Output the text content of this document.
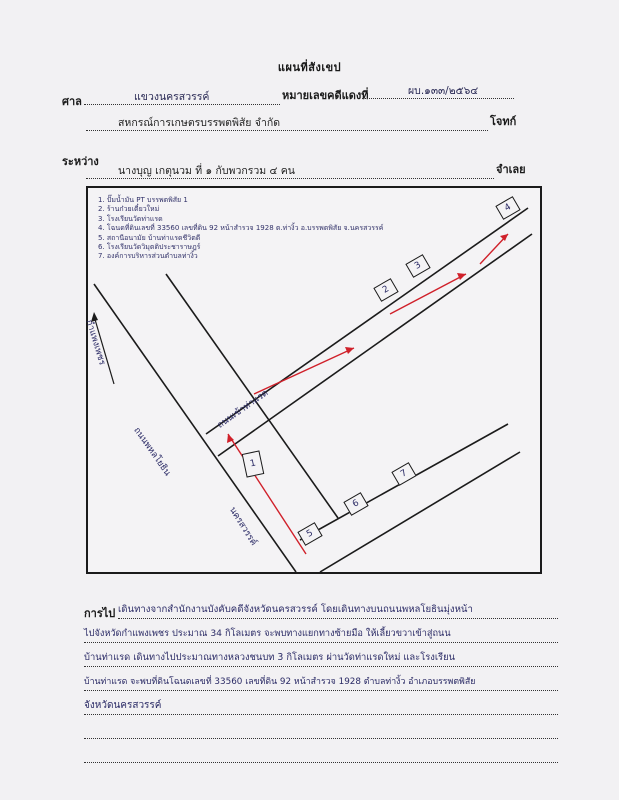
แผนที่สังเขป
ศาล	แขวงนครสวรรค์	หมายเลขคดีแดงที่	ผบ.๑๓๓/๒๕๖๔
สหกรณ์การเกษตรบรรพตพิสัย จำกัด	โจทก์
ระหว่าง
นางบุญ เกตุนวม ที่ ๑ กับพวกรวม ๔ คน	จำเลย
1. ปั๊มน้ำมัน PT บรรพตพิสัย 1
2. ร้านก๋วยเตี๋ยวใหม่
3. โรงเรียนวัดท่าแรด
4. โฉนดที่ดินเลขที่ 33560 เลขที่ดิน 92 หน้าสำรวจ 1928 ต.ท่างิ้ว อ.บรรพตพิสัย จ.นครสวรรค์
5. สถานีอนามัย บ้านท่าแรดชีวิตดี
6. โรงเรียนวัดวิมุตติประชาราษฎร์
7. องค์การบริหารส่วนตำบลท่างิ้ว
ถนนพหลโยธิน
ถนนเข้าท่าแรด
กำแพงเพชร
นครสวรรค์
1
2
3
4
5
6
7
การไป เดินทางจากสำนักงานบังคับคดีจังหวัดนครสวรรค์ โดยเดินทางบนถนนพหลโยธินมุ่งหน้า
ไปจังหวัดกำแพงเพชร ประมาณ 34 กิโลเมตร จะพบทางแยกทางซ้ายมือ ให้เลี้ยวขวาเข้าสู่ถนน
บ้านท่าแรด เดินทางไปประมาณทางหลวงชนบท 3 กิโลเมตร ผ่านวัดท่าแรดใหม่ และโรงเรียน
บ้านท่าแรด จะพบที่ดินโฉนดเลขที่ 33560 เลขที่ดิน 92 หน้าสำรวจ 1928 ตำบลท่างิ้ว อำเภอบรรพตพิสัย
จังหวัดนครสวรรค์
